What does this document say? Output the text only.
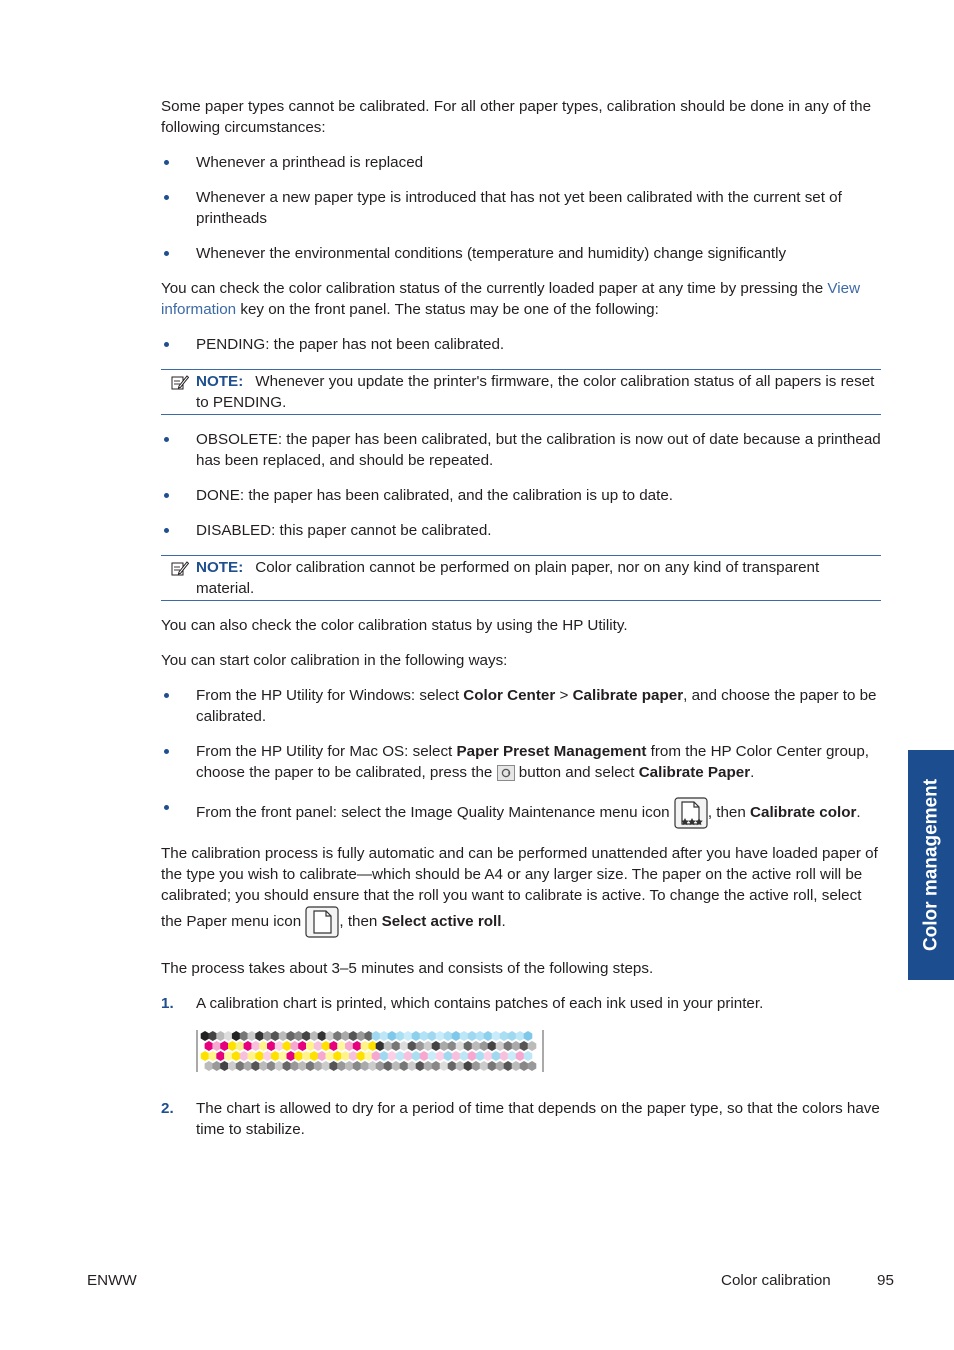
Some paper types cannot be calibrated. For all other paper types, calibration should be done in any of the following circumstances:

Whenever a printhead is replaced
Whenever a new paper type is introduced that has not yet been calibrated with the current set of printheads
Whenever the environmental conditions (temperature and humidity) change significantly

You can check the color calibration status of the currently loaded paper at any time by pressing the View information key on the front panel. The status may be one of the following:

PENDING: the paper has not been calibrated.
NOTE: Whenever you update the printer's firmware, the color calibration status of all papers is reset to PENDING.
OBSOLETE: the paper has been calibrated, but the calibration is now out of date because a printhead has been replaced, and should be repeated.
DONE: the paper has been calibrated, and the calibration is up to date.
DISABLED: this paper cannot be calibrated.
NOTE: Color calibration cannot be performed on plain paper, nor on any kind of transparent material.

You can also check the color calibration status by using the HP Utility.

You can start color calibration in the following ways:

From the HP Utility for Windows: select Color Center > Calibrate paper, and choose the paper to be calibrated.
From the HP Utility for Mac OS: select Paper Preset Management from the HP Color Center group, choose the paper to be calibrated, press the  button and select Calibrate Paper.
From the front panel: select the Image Quality Maintenance menu icon , then Calibrate color.

The calibration process is fully automatic and can be performed unattended after you have loaded paper of the type you wish to calibrate—which should be A4 or any larger size. The paper on the active roll will be calibrated; you should ensure that the roll you want to calibrate is active. To change the active roll, select the Paper menu icon , then Select active roll.

The process takes about 3–5 minutes and consists of the following steps.

1. A calibration chart is printed, which contains patches of each ink used in your printer.
2. The chart is allowed to dry for a period of time that depends on the paper type, so that the colors have time to stabilize.
Color management
ENWW	Color calibration	95
